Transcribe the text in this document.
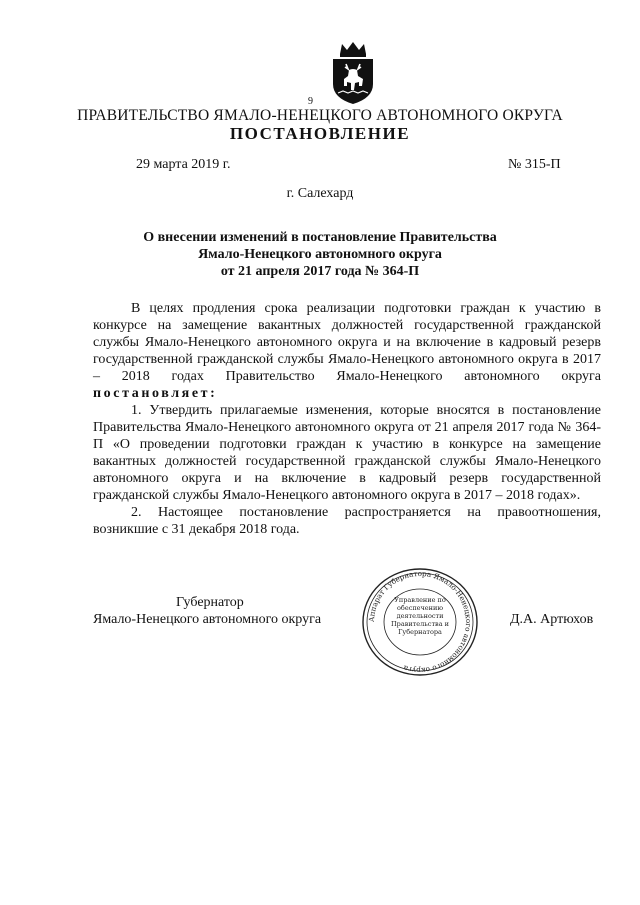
9
ПРАВИТЕЛЬСТВО ЯМАЛО-НЕНЕЦКОГО АВТОНОМНОГО ОКРУГА
ПОСТАНОВЛЕНИЕ
29 марта 2019 г.	№ 315-П
г. Салехард
О внесении изменений в постановление Правительства
Ямало-Ненецкого автономного округа
от 21 апреля 2017 года № 364-П
В целях продления срока реализации подготовки граждан к участию в конкурсе на замещение вакантных должностей государственной гражданской службы Ямало-Ненецкого автономного округа и на включение в кадровый резерв государственной гражданской службы Ямало-Ненецкого автономного округа в 2017 – 2018 годах Правительство Ямало-Ненецкого автономного округа постановляет:
1. Утвердить прилагаемые изменения, которые вносятся в постановление Правительства Ямало-Ненецкого автономного округа от 21 апреля 2017 года № 364-П «О проведении подготовки граждан к участию в конкурсе на замещение вакантных должностей государственной гражданской службы Ямало-Ненецкого автономного округа и на включение в кадровый резерв государственной гражданской службы Ямало-Ненецкого автономного округа в 2017 – 2018 годах».
2. Настоящее постановление распространяется на правоотношения, возникшие с 31 декабря 2018 года.
Губернатор
Ямало-Ненецкого автономного округа	Д.А. Артюхов
Аппарат Губернатора Ямало-Ненецкого автономного округа
Управление по обеспечению деятельности Правительства и Губернатора
